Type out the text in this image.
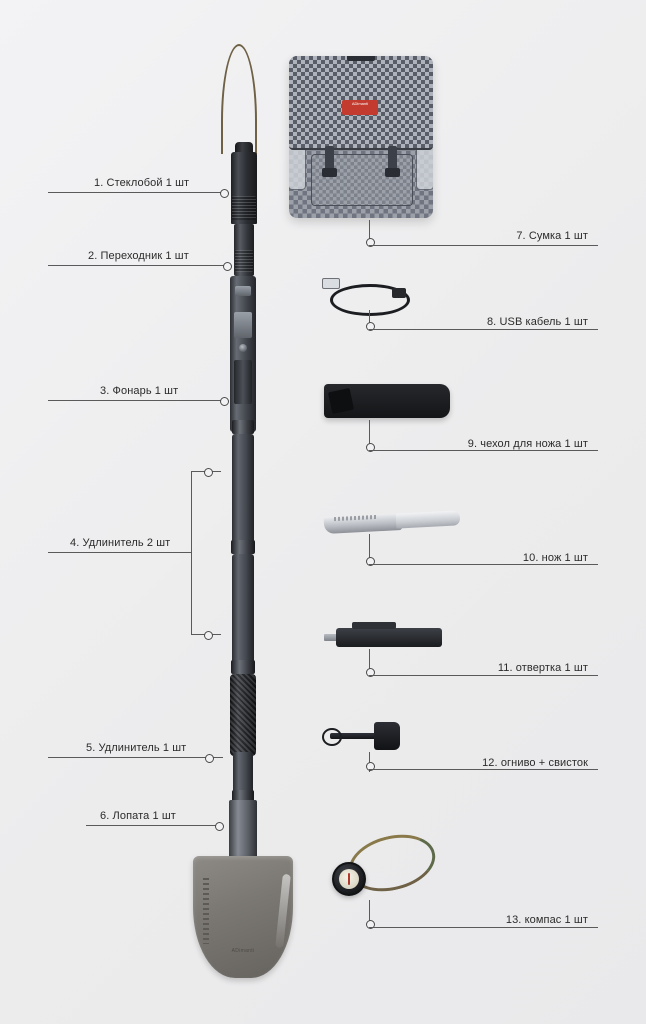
ADimanti
1. Стеклобой 1 шт
2. Переходник 1 шт
3. Фонарь 1 шт
4. Удлинитель 2 шт
5. Удлинитель 1 шт
6. Лопата 1 шт
ADimanti
7. Сумка 1 шт
8. USB кабель 1 шт
9. чехол для ножа 1 шт
10. нож 1 шт
11. отвертка 1 шт
12. огниво + свисток
13. компас 1 шт
